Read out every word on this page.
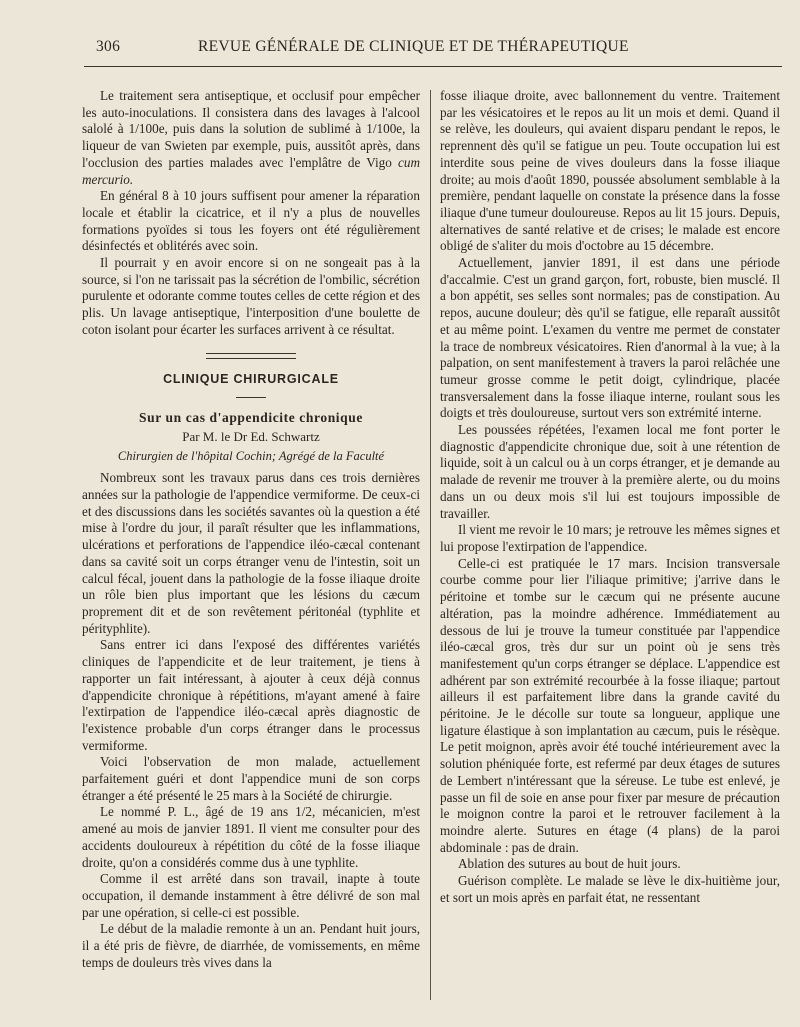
306	REVUE GÉNÉRALE DE CLINIQUE ET DE THÉRAPEUTIQUE

Le traitement sera antiseptique, et occlusif pour empêcher les auto-inoculations. Il consistera dans des lavages à l'alcool salolé à 1/100e, puis dans la solution de sublimé à 1/100e, la liqueur de van Swieten par exemple, puis, aussitôt après, dans l'occlusion des parties malades avec l'emplâtre de Vigo cum mercurio.

En général 8 à 10 jours suffisent pour amener la réparation locale et établir la cicatrice, et il n'y a plus de nouvelles formations pyoïdes si tous les foyers ont été régulièrement désinfectés et oblitérés avec soin.

Il pourrait y en avoir encore si on ne songeait pas à la source, si l'on ne tarissait pas la sécrétion de l'ombilic, sécrétion purulente et odorante comme toutes celles de cette région et des plis. Un lavage antiseptique, l'interposition d'une boulette de coton isolant pour écarter les surfaces arrivent à ce résultat.

CLINIQUE CHIRURGICALE

Sur un cas d'appendicite chronique

Par M. le Dr Ed. Schwartz

Chirurgien de l'hôpital Cochin; Agrégé de la Faculté

Nombreux sont les travaux parus dans ces trois dernières années sur la pathologie de l'appendice vermiforme. De ceux-ci et des discussions dans les sociétés savantes où la question a été mise à l'ordre du jour, il paraît résulter que les inflammations, ulcérations et perforations de l'appendice iléo-cæcal contenant dans sa cavité soit un corps étranger venu de l'intestin, soit un calcul fécal, jouent dans la pathologie de la fosse iliaque droite un rôle bien plus important que les lésions du cæcum proprement dit et de son revêtement péritonéal (typhlite et pérityphlite).

Sans entrer ici dans l'exposé des différentes variétés cliniques de l'appendicite et de leur traitement, je tiens à rapporter un fait intéressant, à ajouter à ceux déjà connus d'appendicite chronique à répétitions, m'ayant amené à faire l'extirpation de l'appendice iléo-cæcal après diagnostic de l'existence probable d'un corps étranger dans le processus vermiforme.

Voici l'observation de mon malade, actuellement parfaitement guéri et dont l'appendice muni de son corps étranger a été présenté le 25 mars à la Société de chirurgie.

Le nommé P. L., âgé de 19 ans 1/2, mécanicien, m'est amené au mois de janvier 1891. Il vient me consulter pour des accidents douloureux à répétition du côté de la fosse iliaque droite, qu'on a considérés comme dus à une typhlite.

Comme il est arrêté dans son travail, inapte à toute occupation, il demande instamment à être délivré de son mal par une opération, si celle-ci est possible.

Le début de la maladie remonte à un an. Pendant huit jours, il a été pris de fièvre, de diarrhée, de vomissements, en même temps de douleurs très vives dans la

fosse iliaque droite, avec ballonnement du ventre. Traitement par les vésicatoires et le repos au lit un mois et demi. Quand il se relève, les douleurs, qui avaient disparu pendant le repos, le reprennent dès qu'il se fatigue un peu. Toute occupation lui est interdite sous peine de vives douleurs dans la fosse iliaque droite; au mois d'août 1890, poussée absolument semblable à la première, pendant laquelle on constate la présence dans la fosse iliaque d'une tumeur douloureuse. Repos au lit 15 jours. Depuis, alternatives de santé relative et de crises; le malade est encore obligé de s'aliter du mois d'octobre au 15 décembre.

Actuellement, janvier 1891, il est dans une période d'accalmie. C'est un grand garçon, fort, robuste, bien musclé. Il a bon appétit, ses selles sont normales; pas de constipation. Au repos, aucune douleur; dès qu'il se fatigue, elle reparaît aussitôt et au même point. L'examen du ventre me permet de constater la trace de nombreux vésicatoires. Rien d'anormal à la vue; à la palpation, on sent manifestement à travers la paroi relâchée une tumeur grosse comme le petit doigt, cylindrique, placée transversalement dans la fosse iliaque interne, roulant sous les doigts et très douloureuse, surtout vers son extrémité interne.

Les poussées répétées, l'examen local me font porter le diagnostic d'appendicite chronique due, soit à une rétention de liquide, soit à un calcul ou à un corps étranger, et je demande au malade de revenir me trouver à la première alerte, ou du moins dans un ou deux mois s'il lui est toujours impossible de travailler.

Il vient me revoir le 10 mars; je retrouve les mêmes signes et lui propose l'extirpation de l'appendice.

Celle-ci est pratiquée le 17 mars. Incision transversale courbe comme pour lier l'iliaque primitive; j'arrive dans le péritoine et tombe sur le cæcum qui ne présente aucune altération, pas la moindre adhérence. Immédiatement au dessous de lui je trouve la tumeur constituée par l'appendice iléo-cæcal gros, très dur sur un point où je sens très manifestement qu'un corps étranger se déplace. L'appendice est adhérent par son extrémité recourbée à la fosse iliaque; partout ailleurs il est parfaitement libre dans la grande cavité du péritoine. Je le décolle sur toute sa longueur, applique une ligature élastique à son implantation au cæcum, puis le résèque. Le petit moignon, après avoir été touché intérieurement avec la solution phéniquée forte, est refermé par deux étages de sutures de Lembert n'intéressant que la séreuse. Le tube est enlevé, je passe un fil de soie en anse pour fixer par mesure de précaution le moignon contre la paroi et le retrouver facilement à la moindre alerte. Sutures en étage (4 plans) de la paroi abdominale : pas de drain.

Ablation des sutures au bout de huit jours.

Guérison complète. Le malade se lève le dix-huitième jour, et sort un mois après en parfait état, ne ressentant
